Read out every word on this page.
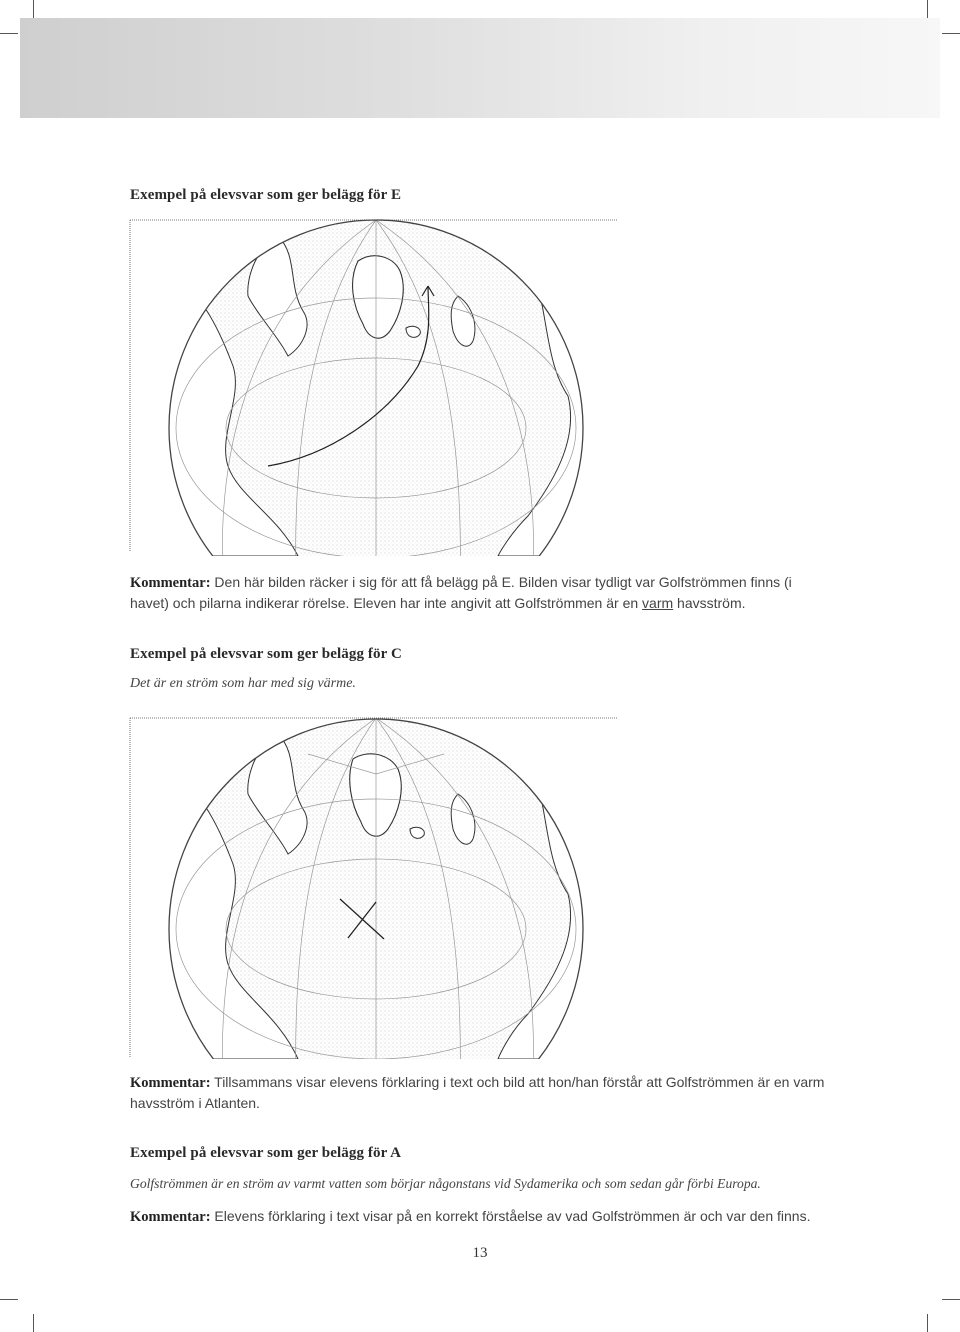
Exempel på elevsvar som ger belägg för E

Kommentar: Den här bilden räcker i sig för att få belägg på E. Bilden visar tydligt var Golfströmmen finns (i havet) och pilarna indikerar rörelse. Eleven har inte angivit att Golfströmmen är en varm havsström.

Exempel på elevsvar som ger belägg för C

Det är en ström som har med sig värme.

Kommentar: Tillsammans visar elevens förklaring i text och bild att hon/han förstår att Golfströmmen är en varm havsström i Atlanten.

Exempel på elevsvar som ger belägg för A

Golfströmmen är en ström av varmt vatten som börjar någonstans vid Sydamerika och som sedan går förbi Europa.

Kommentar: Elevens förklaring i text visar på en korrekt förståelse av vad Golfströmmen är och var den finns.

13
